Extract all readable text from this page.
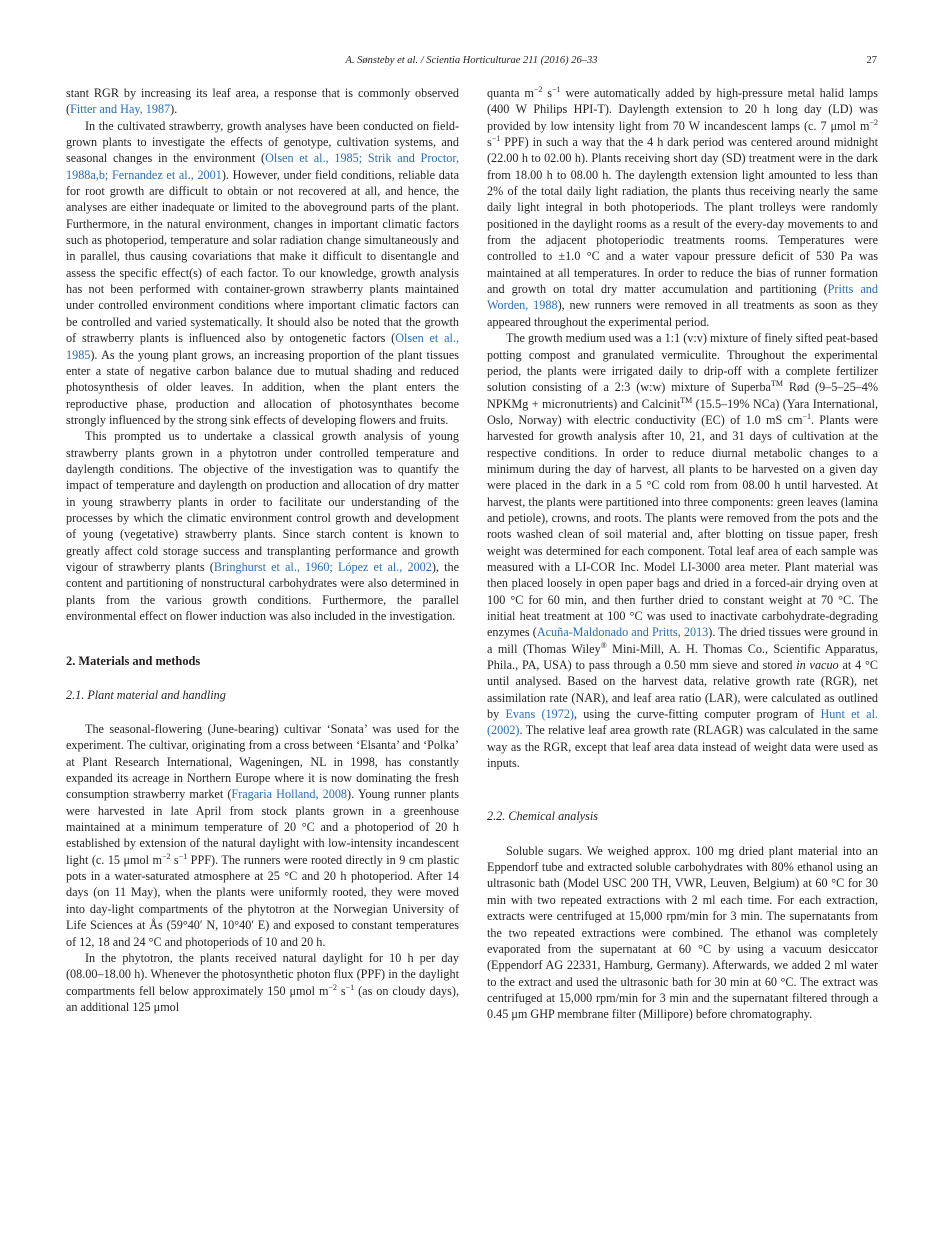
A. Sønsteby et al. / Scientia Horticulturae 211 (2016) 26–33	27

stant RGR by increasing its leaf area, a response that is commonly observed (Fitter and Hay, 1987).

In the cultivated strawberry, growth analyses have been conducted on field-grown plants to investigate the effects of genotype, cultivation systems, and seasonal changes in the environment (Olsen et al., 1985; Strik and Proctor, 1988a,b; Fernandez et al., 2001). However, under field conditions, reliable data for root growth are difficult to obtain or not recovered at all, and hence, the analyses are either inadequate or limited to the aboveground parts of the plant. Furthermore, in the natural environment, changes in important climatic factors such as photoperiod, temperature and solar radiation change simultaneously and in parallel, thus causing covariations that make it difficult to disentangle and assess the specific effect(s) of each factor. To our knowledge, growth analysis has not been performed with container-grown strawberry plants maintained under controlled environment conditions where important climatic factors can be controlled and varied systematically. It should also be noted that the growth of strawberry plants is influenced also by ontogenetic factors (Olsen et al., 1985). As the young plant grows, an increasing proportion of the plant tissues enter a state of negative carbon balance due to mutual shading and reduced photosynthesis of older leaves. In addition, when the plant enters the reproductive phase, production and allocation of photosynthates become strongly influenced by the strong sink effects of developing flowers and fruits.

This prompted us to undertake a classical growth analysis of young strawberry plants grown in a phytotron under controlled temperature and daylength conditions. The objective of the investigation was to quantify the impact of temperature and daylength on production and allocation of dry matter in young strawberry plants in order to facilitate our understanding of the processes by which the climatic environment control growth and development of young (vegetative) strawberry plants. Since starch content is known to greatly affect cold storage success and transplanting performance and growth vigour of strawberry plants (Bringhurst et al., 1960; López et al., 2002), the content and partitioning of nonstructural carbohydrates were also determined in plants from the various growth conditions. Furthermore, the parallel environmental effect on flower induction was also included in the investigation.

2. Materials and methods
2.1. Plant material and handling

The seasonal-flowering (June-bearing) cultivar ‘Sonata’ was used for the experiment. The cultivar, originating from a cross between ‘Elsanta’ and ‘Polka’ at Plant Research International, Wageningen, NL in 1998, has constantly expanded its acreage in Northern Europe where it is now dominating the fresh consumption strawberry market (Fragaria Holland, 2008). Young runner plants were harvested in late April from stock plants grown in a greenhouse maintained at a minimum temperature of 20 °C and a photoperiod of 20 h established by extension of the natural daylight with low-intensity incandescent light (c. 15 μmol $m^{-2}$ $s^{-1}$ PPF). The runners were rooted directly in 9 cm plastic pots in a water-saturated atmosphere at 25 °C and 20 h photoperiod. After 14 days (on 11 May), when the plants were uniformly rooted, they were moved into day-light compartments of the phytotron at the Norwegian University of Life Sciences at Ås (59°40′ N, 10°40′ E) and exposed to constant temperatures of 12, 18 and 24 °C and photoperiods of 10 and 20 h.

In the phytotron, the plants received natural daylight for 10 h per day (08.00–18.00 h). Whenever the photosynthetic photon flux (PPF) in the daylight compartments fell below approximately 150 μmol $m^{-2}$ $s^{-1}$ (as on cloudy days), an additional 125 μmol

quanta $m^{-2}$ $s^{-1}$ were automatically added by high-pressure metal halid lamps (400 W Philips HPI-T). Daylength extension to 20 h long day (LD) was provided by low intensity light from 70 W incandescent lamps (c. 7 μmol $m^{-2}$ $s^{-1}$ PPF) in such a way that the 4 h dark period was centered around midnight (22.00 h to 02.00 h). Plants receiving short day (SD) treatment were in the dark from 18.00 h to 08.00 h. The daylength extension light amounted to less than 2% of the total daily light radiation, the plants thus receiving nearly the same daily light integral in both photoperiods. The plant trolleys were randomly positioned in the daylight rooms as a result of the every-day movements to and from the adjacent photoperiodic treatments rooms. Temperatures were controlled to ±1.0 °C and a water vapour pressure deficit of 530 Pa was maintained at all temperatures. In order to reduce the bias of runner formation and growth on total dry matter accumulation and partitioning (Pritts and Worden, 1988), new runners were removed in all treatments as soon as they appeared throughout the experimental period.

The growth medium used was a 1:1 (v:v) mixture of finely sifted peat-based potting compost and granulated vermiculite. Throughout the experimental period, the plants were irrigated daily to drip-off with a complete fertilizer solution consisting of a 2:3 (w:w) mixture of Superba™ Rød (9–5–25–4% NPKMg + micronutrients) and Calcinit™ (15.5–19% NCa) (Yara International, Oslo, Norway) with electric conductivity (EC) of 1.0 mS $cm^{-1}$. Plants were harvested for growth analysis after 10, 21, and 31 days of cultivation at the respective conditions. In order to reduce diurnal metabolic changes to a minimum during the day of harvest, all plants to be harvested on a given day were placed in the dark in a 5 °C cold rom from 08.00 h until harvested. At harvest, the plants were partitioned into three components: green leaves (lamina and petiole), crowns, and roots. The plants were removed from the pots and the roots washed clean of soil material and, after blotting on tissue paper, fresh weight was determined for each component. Total leaf area of each sample was measured with a LI-COR Inc. Model LI-3000 area meter. Plant material was then placed loosely in open paper bags and dried in a forced-air drying oven at 100 °C for 60 min, and then further dried to constant weight at 70 °C. The initial heat treatment at 100 °C was used to inactivate carbohydrate-degrading enzymes (Acuña-Maldonado and Pritts, 2013). The dried tissues were ground in a mill (Thomas Wiley® Mini-Mill, A. H. Thomas Co., Scientific Apparatus, Phila., PA, USA) to pass through a 0.50 mm sieve and stored in vacuo at 4 °C until analysed. Based on the harvest data, relative growth rate (RGR), net assimilation rate (NAR), and leaf area ratio (LAR), were calculated as outlined by Evans (1972), using the curve-fitting computer program of Hunt et al. (2002). The relative leaf area growth rate (RLAGR) was calculated in the same way as the RGR, except that leaf area data instead of weight data were used as inputs.

2.2. Chemical analysis

Soluble sugars. We weighed approx. 100 mg dried plant material into an Eppendorf tube and extracted soluble carbohydrates with 80% ethanol using an ultrasonic bath (Model USC 200 TH, VWR, Leuven, Belgium) at 60 °C for 30 min with two repeated extractions with 2 ml each time. For each extraction, extracts were centrifuged at 15,000 rpm/min for 3 min. The supernatants from the two repeated extractions were combined. The ethanol was completely evaporated from the supernatant at 60 °C by using a vacuum desiccator (Eppendorf AG 22331, Hamburg, Germany). Afterwards, we added 2 ml water to the extract and used the ultrasonic bath for 30 min at 60 °C. The extract was centrifuged at 15,000 rpm/min for 3 min and the supernatant filtered through a 0.45 μm GHP membrane filter (Millipore) before chromatography.
